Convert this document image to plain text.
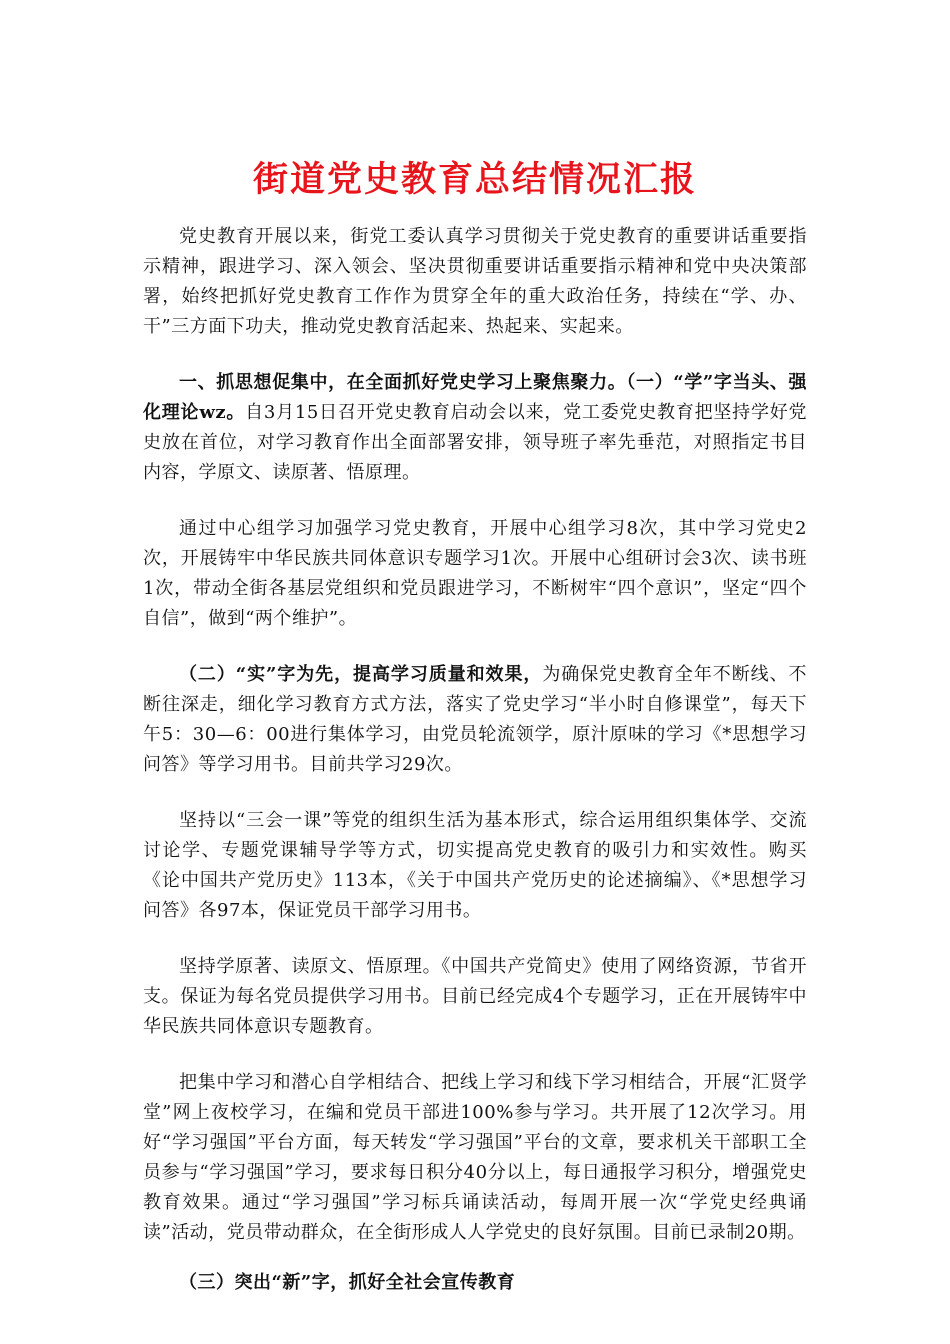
街道党史教育总结情况汇报

党史教育开展以来，街党工委认真学习贯彻关于党史教育的重要讲话重要指示精神，跟进学习、深入领会、坚决贯彻重要讲话重要指示精神和党中央决策部署，始终把抓好党史教育工作作为贯穿全年的重大政治任务，持续在“学、办、干”三方面下功夫，推动党史教育活起来、热起来、实起来。

一、抓思想促集中，在全面抓好党史学习上聚焦聚力。（一）“学”字当头、强化理论wz。自3月15日召开党史教育启动会以来，党工委党史教育把坚持学好党史放在首位，对学习教育作出全面部署安排，领导班子率先垂范，对照指定书目内容，学原文、读原著、悟原理。

通过中心组学习加强学习党史教育，开展中心组学习8次，其中学习党史2次，开展铸牢中华民族共同体意识专题学习1次。开展中心组研讨会3次、读书班1次，带动全街各基层党组织和党员跟进学习，不断树牢“四个意识”，坚定“四个自信”，做到“两个维护”。

（二）“实”字为先，提高学习质量和效果，为确保党史教育全年不断线、不断往深走，细化学习教育方式方法，落实了党史学习“半小时自修课堂”，每天下午5：30—6：00进行集体学习，由党员轮流领学，原汁原味的学习《*思想学习问答》等学习用书。目前共学习29次。

坚持以“三会一课”等党的组织生活为基本形式，综合运用组织集体学、交流讨论学、专题党课辅导学等方式，切实提高党史教育的吸引力和实效性。购买《论中国共产党历史》113本，《关于中国共产党历史的论述摘编》、《*思想学习问答》各97本，保证党员干部学习用书。

坚持学原著、读原文、悟原理。《中国共产党简史》使用了网络资源，节省开支。保证为每名党员提供学习用书。目前已经完成4个专题学习，正在开展铸牢中华民族共同体意识专题教育。

把集中学习和潜心自学相结合、把线上学习和线下学习相结合，开展“汇贤学堂”网上夜校学习，在编和党员干部进100%参与学习。共开展了12次学习。用好“学习强国”平台方面，每天转发“学习强国”平台的文章，要求机关干部职工全员参与“学习强国”学习，要求每日积分40分以上，每日通报学习积分，增强党史教育效果。通过“学习强国”学习标兵诵读活动，每周开展一次“学党史经典诵读”活动，党员带动群众，在全街形成人人学党史的良好氛围。目前已录制20期。

（三）突出“新”字，抓好全社会宣传教育
